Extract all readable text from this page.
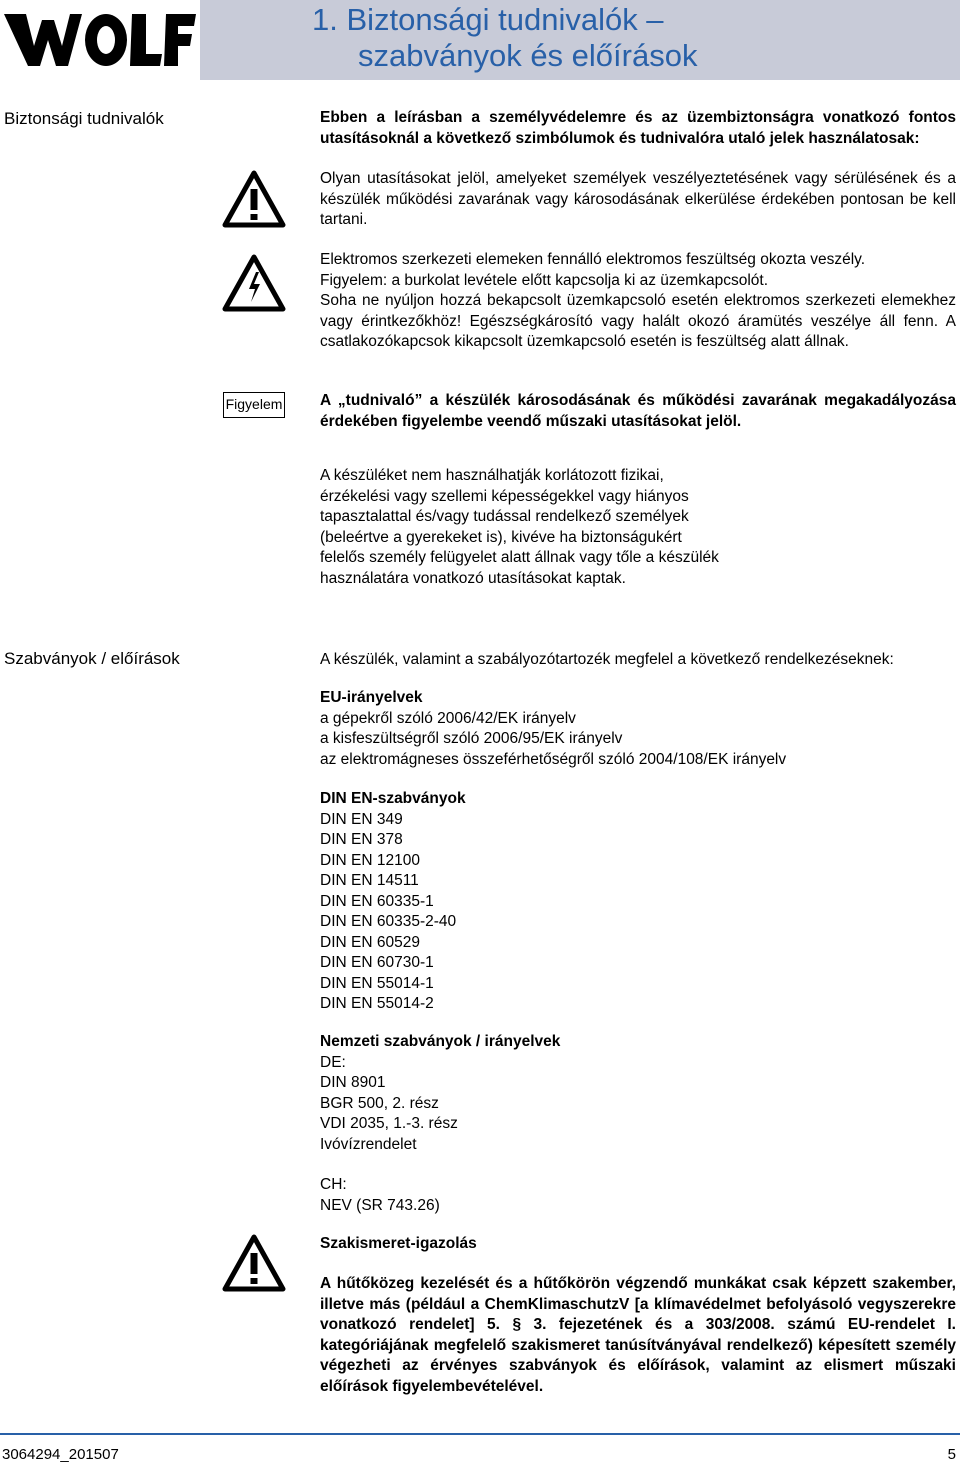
1. Biztonsági tudnivalók –
szabványok és előírások
Biztonsági tudnivalók	Ebben a leírásban a személyvédelemre és az üzembiztonságra vonatkozó fontos utasításoknál a következő szimbólumok és tudnivalóra utaló jelek használatosak:
Olyan utasításokat jelöl, amelyeket személyek veszélyeztetésének vagy sérülésének és a készülék működési zavarának vagy károsodásának elkerülése érdekében pontosan be kell tartani.
Elektromos szerkezeti elemeken fennálló elektromos feszültség okozta veszély.
Figyelem: a burkolat levétele előtt kapcsolja ki az üzemkapcsolót.
Soha ne nyúljon hozzá bekapcsolt üzemkapcsoló esetén elektromos szerkezeti elemekhez vagy érintkezőkhöz! Egészségkárosító vagy halált okozó áramütés veszélye áll fenn. A csatlakozókapcsok kikapcsolt üzemkapcsoló esetén is feszültség alatt állnak.
Figyelem A „tudnivaló” a készülék károsodásának és működési zavarának megakadályozása érdekében figyelembe veendő műszaki utasításokat jelöl.
A készüléket nem használhatják korlátozott fizikai,
érzékelési vagy szellemi képességekkel vagy hiányos
tapasztalattal és/vagy tudással rendelkező személyek
(beleértve a gyerekeket is), kivéve ha biztonságukért
felelős személy felügyelet alatt állnak vagy tőle a készülék
használatára vonatkozó utasításokat kaptak.
Szabványok / előírások	A készülék, valamint a szabályozótartozék megfelel a következő rendelkezéseknek:
EU-irányelvek
a gépekről szóló 2006/42/EK irányelv
a kisfeszültségről szóló 2006/95/EK irányelv
az elektromágneses összeférhetőségről szóló 2004/108/EK irányelv
DIN EN-szabványok
DIN EN 349
DIN EN 378
DIN EN 12100
DIN EN 14511
DIN EN 60335-1
DIN EN 60335-2-40
DIN EN 60529
DIN EN 60730-1
DIN EN 55014-1
DIN EN 55014-2
Nemzeti szabványok / irányelvek
DE:
DIN 8901
BGR 500, 2. rész
VDI 2035, 1.-3. rész
Ivóvízrendelet
CH:
NEV (SR 743.26)
Szakismeret-igazolás
A hűtőközeg kezelését és a hűtőkörön végzendő munkákat csak képzett szakember, illetve más (például a ChemKlimaschutzV [a klímavédelmet befolyásoló vegyszerekre vonatkozó rendelet] 5. § 3. fejezetének és a 303/2008. számú EU-rendelet I. kategóriájának megfelelő szakismeret tanúsítványával rendelkező) képesített személy végezheti az érvényes szabványok és előírások, valamint az elismert műszaki előírások figyelembevételével.
3064294_201507	5
